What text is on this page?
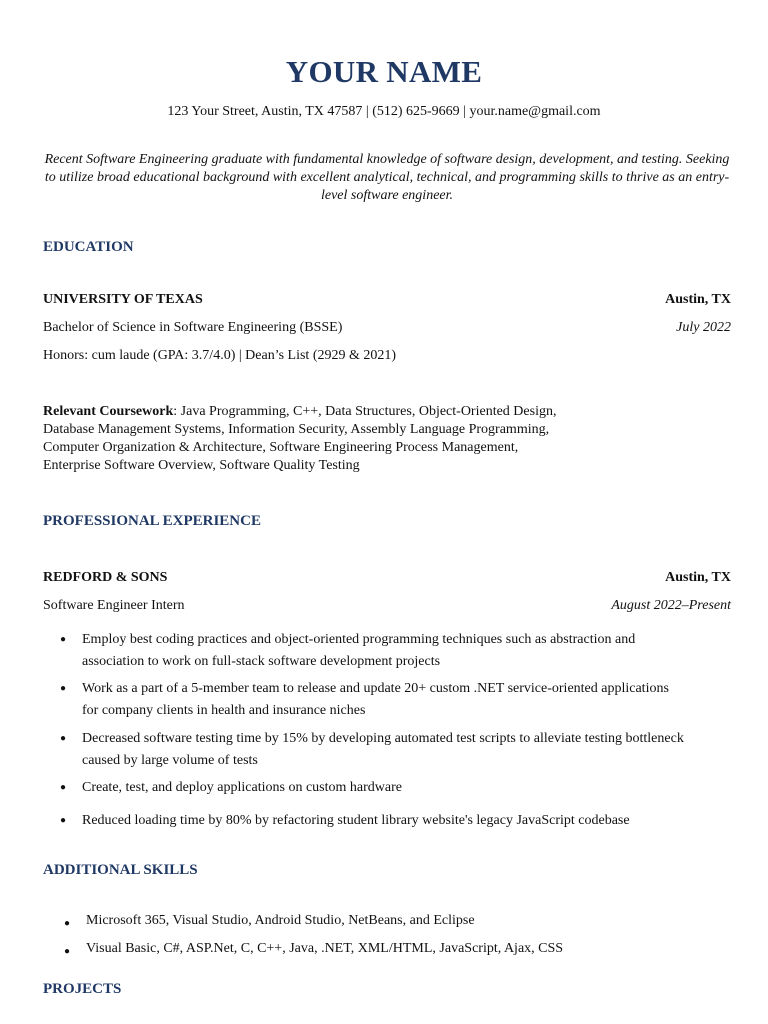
YOUR NAME
123 Your Street, Austin, TX 47587 | (512) 625-9669 | your.name@gmail.com
Recent Software Engineering graduate with fundamental knowledge of software design, development, and testing. Seeking to utilize broad educational background with excellent analytical, technical, and programming skills to thrive as an entry-level software engineer.
EDUCATION
UNIVERSITY OF TEXAS	Austin, TX
Bachelor of Science in Software Engineering (BSSE)	July 2022
Honors: cum laude (GPA: 3.7/4.0) | Dean’s List (2929 & 2021)
Relevant Coursework: Java Programming, C++, Data Structures, Object-Oriented Design,
Database Management Systems, Information Security, Assembly Language Programming,
Computer Organization & Architecture, Software Engineering Process Management,
Enterprise Software Overview, Software Quality Testing
PROFESSIONAL EXPERIENCE
REDFORD & SONS	Austin, TX
Software Engineer Intern	August 2022–Present
●	Employ best coding practices and object-oriented programming techniques such as abstraction and
association to work on full-stack software development projects
●	Work as a part of a 5-member team to release and update 20+ custom .NET service-oriented applications
for company clients in health and insurance niches
●	Decreased software testing time by 15% by developing automated test scripts to alleviate testing bottleneck
caused by large volume of tests
●	Create, test, and deploy applications on custom hardware
●	Reduced loading time by 80% by refactoring student library website's legacy JavaScript codebase
ADDITIONAL SKILLS
●	Microsoft 365, Visual Studio, Android Studio, NetBeans, and Eclipse
●	Visual Basic, C#, ASP.Net, C, C++, Java, .NET, XML/HTML, JavaScript, Ajax, CSS
PROJECTS
